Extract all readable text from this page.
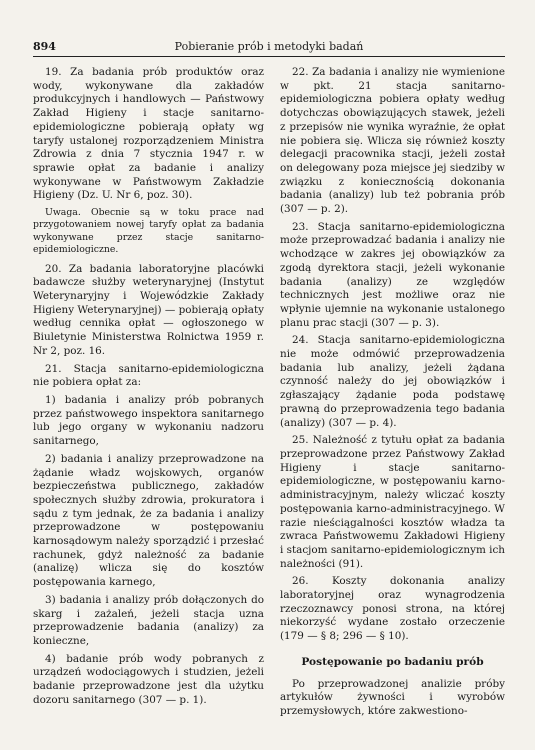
894	Pobieranie prób i metodyki badań

19. Za badania prób produktów oraz wody, wykonywane dla zakładów produkcyjnych i handlowych — Państwowy Zakład Higieny i stacje sanitarno-epidemiologiczne pobierają opłaty wg taryfy ustalonej rozporządzeniem Ministra Zdrowia z dnia 7 stycznia 1947 r. w sprawie opłat za badanie i analizy wykonywane w Państwowym Zakładzie Higieny (Dz. U. Nr 6, poz. 30).

Uwaga. Obecnie są w toku prace nad przygotowaniem nowej taryfy opłat za badania wykonywane przez stacje sanitarno-epidemiologiczne.

20. Za badania laboratoryjne placówki badawcze służby weterynaryjnej (Instytut Weterynaryjny i Wojewódzkie Zakłady Higieny Weterynaryjnej) — pobierają opłaty według cennika opłat — ogłoszonego w Biuletynie Ministerstwa Rolnictwa 1959 r. Nr 2, poz. 16.

21. Stacja sanitarno-epidemiologiczna nie pobiera opłat za:

1) badania i analizy prób pobranych przez państwowego inspektora sanitarnego lub jego organy w wykonaniu nadzoru sanitarnego,

2) badania i analizy przeprowadzone na żądanie władz wojskowych, organów bezpieczeństwa publicznego, zakładów społecznych służby zdrowia, prokuratora i sądu z tym jednak, że za badania i analizy przeprowadzone w postępowaniu karnosądowym należy sporządzić i przesłać rachunek, gdyż należność za badanie (analizę) wlicza się do kosztów postępowania karnego,

3) badania i analizy prób dołączonych do skarg i zażaleń, jeżeli stacja uzna przeprowadzenie badania (analizy) za konieczne,

4) badanie prób wody pobranych z urządzeń wodociągowych i studzien, jeżeli badanie przeprowadzone jest dla użytku dozoru sanitarnego (307 — p. 1).

22. Za badania i analizy nie wymienione w pkt. 21 stacja sanitarno-epidemiologiczna pobiera opłaty według dotychczas obowiązujących stawek, jeżeli z przepisów nie wynika wyraźnie, że opłat nie pobiera się. Wlicza się również koszty delegacji pracownika stacji, jeżeli został on delegowany poza miejsce jej siedziby w związku z koniecznością dokonania badania (analizy) lub też pobrania prób (307 — p. 2).

23. Stacja sanitarno-epidemiologiczna może przeprowadzać badania i analizy nie wchodzące w zakres jej obowiązków za zgodą dyrektora stacji, jeżeli wykonanie badania (analizy) ze względów technicznych jest możliwe oraz nie wpłynie ujemnie na wykonanie ustalonego planu prac stacji (307 — p. 3).

24. Stacja sanitarno-epidemiologiczna nie może odmówić przeprowadzenia badania lub analizy, jeżeli żądana czynność należy do jej obowiązków i zgłaszający żądanie poda podstawę prawną do przeprowadzenia tego badania (analizy) (307 — p. 4).

25. Należność z tytułu opłat za badania przeprowadzone przez Państwowy Zakład Higieny i stacje sanitarno-epidemiologiczne, w postępowaniu karno-administracyjnym, należy wliczać koszty postępowania karno-administracyjnego. W razie nieściągalności kosztów władza ta zwraca Państwowemu Zakładowi Higieny i stacjom sanitarno-epidemiologicznym ich należności (91).

26. Koszty dokonania analizy laboratoryjnej oraz wynagrodzenia rzeczoznawcy ponosi strona, na której niekorzyść wydane zostało orzeczenie (179 — § 8; 296 — § 10).

Postępowanie po badaniu prób

Po przeprowadzonej analizie próby artykułów żywności i wyrobów przemysłowych, które zakwestiono-
